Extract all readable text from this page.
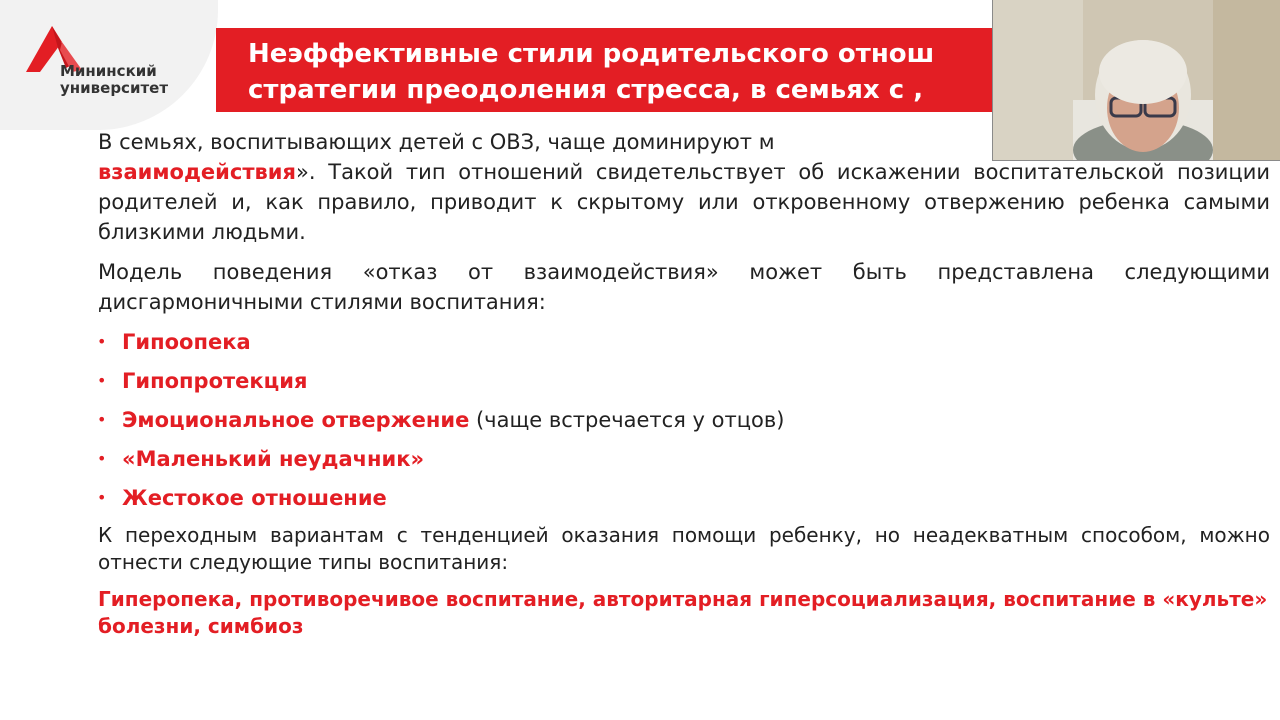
Мининский
университет
Неэффективные стили родительского отнош
стратегии преодоления стресса, в семьях с ,

В семьях, воспитывающих детей с ОВЗ, чаще доминируют м
взаимодействия». Такой тип отношений свидетельствует об искажении воспитательской позиции родителей и, как правило, приводит к скрытому или откровенному отвержению ребенка самыми близкими людьми.

Модель поведения «отказ от взаимодействия» может быть представлена следующими дисгармоничными стилями воспитания:

• Гипоопека
• Гипопротекция
• Эмоциональное отвержение (чаще встречается у отцов)
• «Маленький неудачник»
• Жестокое отношение

К переходным вариантам с тенденцией оказания помощи ребенку, но неадекватным способом, можно отнести следующие типы воспитания:

Гиперопека, противоречивое воспитание, авторитарная гиперсоциализация, воспитание в «культе» болезни, симбиоз
